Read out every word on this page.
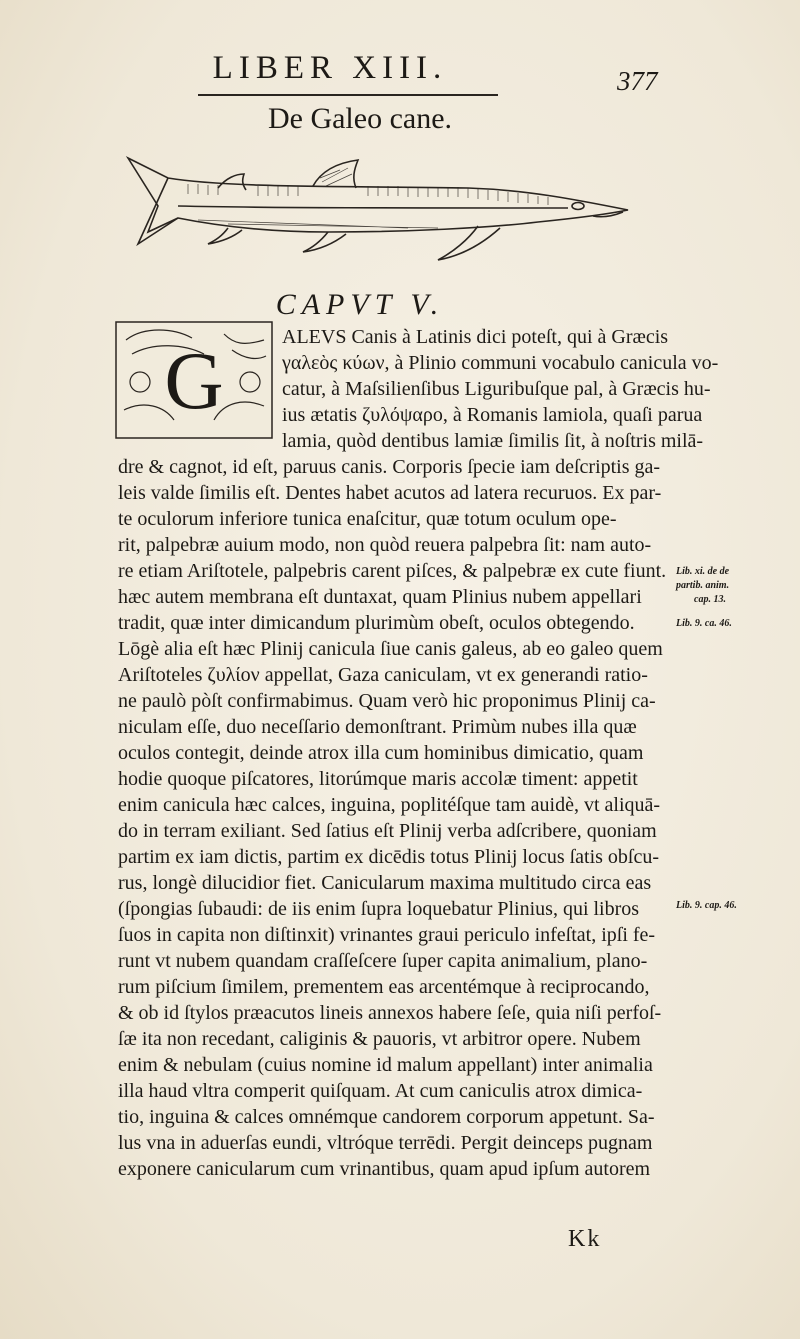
LIBER XIII.	377
De Galeo cane.
CAPVT V.
G	ALEVS Canis à Latinis dici poteſt, qui à Græcis
γαλεὸς κύων, à Plinio communi vocabulo canicula vo-
catur, à Maſsilienſibus Liguribuſque pal, à Græcis hu-
ius ætatis ζυλόψαρο, à Romanis lamiola, quaſi parua
lamia, quòd dentibus lamiæ ſimilis ſit, à noſtris milā-
dre & cagnot, id eſt, paruus canis. Corporis ſpecie iam deſcriptis ga-
leis valde ſimilis eſt. Dentes habet acutos ad latera recuruos. Ex par-
te oculorum inferiore tunica enaſcitur, quæ totum oculum ope-
rit, palpebræ auium modo, non quòd reuera palpebra ſit: nam auto-
re etiam Ariſtotele, palpebris carent piſces, & palpebræ ex cute fiunt.
hæc autem membrana eſt duntaxat, quam Plinius nubem appellari
tradit, quæ inter dimicandum plurimùm obeſt, oculos obtegendo.
Lōgè alia eſt hæc Plinij canicula ſiue canis galeus, ab eo galeo quem
Ariſtoteles ζυλίον appellat, Gaza caniculam, vt ex generandi ratio-
ne paulò pòſt confirmabimus. Quam verò hic proponimus Plinij ca-
niculam eſſe, duo neceſſario demonſtrant. Primùm nubes illa quæ
oculos contegit, deinde atrox illa cum hominibus dimicatio, quam
hodie quoque piſcatores, litorúmque maris accolæ timent: appetit
enim canicula hæc calces, inguina, poplitéſque tam auidè, vt aliquā-
do in terram exiliant. Sed ſatius eſt Plinij verba adſcribere, quoniam
partim ex iam dictis, partim ex dicēdis totus Plinij locus ſatis obſcu-
rus, longè dilucidior fiet. Canicularum maxima multitudo circa eas
(ſpongias ſubaudi: de iis enim ſupra loquebatur Plinius, qui libros
ſuos in capita non diſtinxit) vrinantes graui periculo infeſtat, ipſi fe-
runt vt nubem quandam craſſeſcere ſuper capita animalium, plano-
rum piſcium ſimilem, prementem eas arcentémque à reciprocando,
& ob id ſtylos præacutos lineis annexos habere ſeſe, quia niſi perfoſ-
ſæ ita non recedant, caliginis & pauoris, vt arbitror opere. Nubem
enim & nebulam (cuius nomine id malum appellant) inter animalia
illa haud vltra comperit quiſquam. At cum caniculis atrox dimica-
tio, inguina & calces omnémque candorem corporum appetunt. Sa-
lus vna in aduerſas eundi, vltróque terrēdi. Pergit deinceps pugnam
exponere canicularum cum vrinantibus, quam apud ipſum autorem
Lib. xi. de de
partib. anim.
cap. 13.
Lib. 9. ca. 46.
Lib. 9. cap. 46.
Kk
